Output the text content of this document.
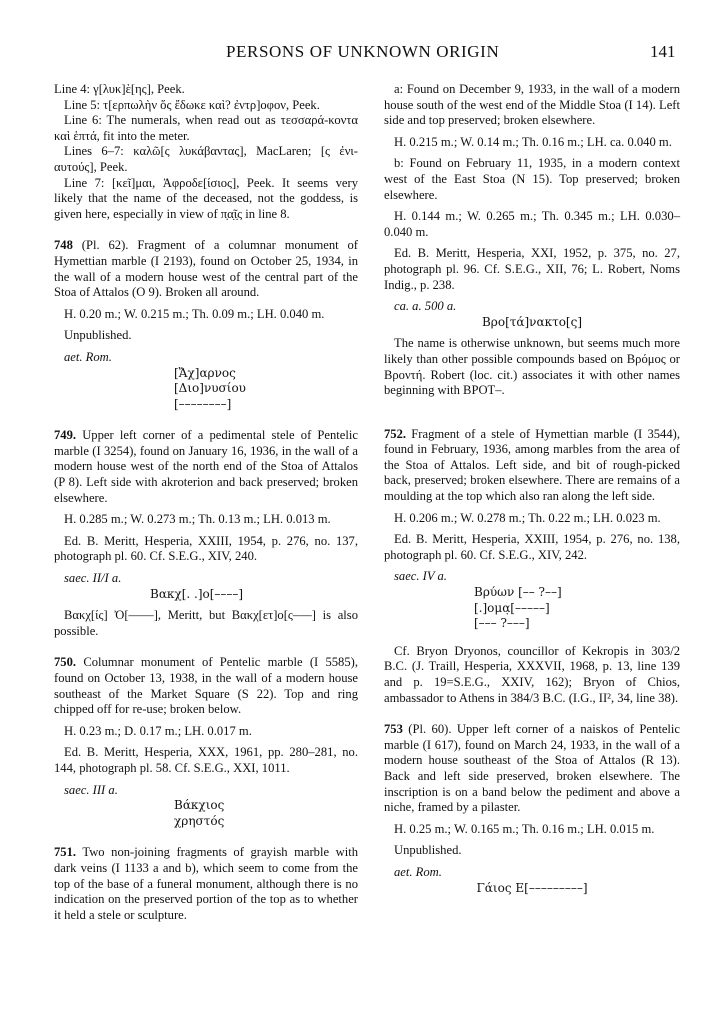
PERSONS OF UNKNOWN ORIGIN	141

Line 4: γ[λυκ]ὲ[ης], Peek.

Line 5: τ[ερπωλὴν ὅς ἔδωκε καὶ? ἐντρ]οφον, Peek.

Line 6: The numerals, when read out as τεσσαρά-κοντα καὶ ἑπτά, fit into the meter.

Lines 6–7: καλῶ[ς λυκάβαντας], MacLaren; [ς ἐνι-αυτούς], Peek.

Line 7: [κεῖ]μαι, Ἀφροδε[ίσιος], Peek. It seems very likely that the name of the deceased, not the goddess, is given here, especially in view of π̣α̣ῖ̣ς in line 8.

748 (Pl. 62). Fragment of a columnar monument of Hymettian marble (I 2193), found on October 25, 1934, in the wall of a modern house west of the central part of the Stoa of Attalos (O 9). Broken all around.

H. 0.20 m.; W. 0.215 m.; Th. 0.09 m.; LH. 0.040 m.

Unpublished.

aet. Rom.

[Ἄχ]αρνος

[Διο]νυσίου

[––––––––]

749. Upper left corner of a pedimental stele of Pentelic marble (I 3254), found on January 16, 1936, in the wall of a modern house west of the north end of the Stoa of Attalos (P 8). Left side with akroterion and back preserved; broken elsewhere.

H. 0.285 m.; W. 0.273 m.; Th. 0.13 m.; LH. 0.013 m.

Ed. B. Meritt, Hesperia, XXIII, 1954, p. 276, no. 137, photograph pl. 60. Cf. S.E.G., XIV, 240.

saec. II/I a.

Βακχ[. .]ο[––––]

Βακχ[ίς] Ὀ[––––], Meritt, but Βακχ[ετ]ο[ς–––] is also possible.

750. Columnar monument of Pentelic marble (I 5585), found on October 13, 1938, in the wall of a modern house southeast of the Market Square (S 22). Top and ring chipped off for re-use; broken below.

H. 0.23 m.; D. 0.17 m.; LH. 0.017 m.

Ed. B. Meritt, Hesperia, XXX, 1961, pp. 280–281, no. 144, photograph pl. 58. Cf. S.E.G., XXI, 1011.

saec. III a.

Βάκχιος

χρηστός

751. Two non-joining fragments of grayish marble with dark veins (I 1133 a and b), which seem to come from the top of the base of a funeral monument, although there is no indication on the preserved portion of the top as to whether it held a stele or sculpture.

a: Found on December 9, 1933, in the wall of a modern house south of the west end of the Middle Stoa (I 14). Left side and top preserved; broken elsewhere.

H. 0.215 m.; W. 0.14 m.; Th. 0.16 m.; LH. ca. 0.040 m.

b: Found on February 11, 1935, in a modern context west of the East Stoa (N 15). Top preserved; broken elsewhere.

H. 0.144 m.; W. 0.265 m.; Th. 0.345 m.; LH. 0.030–0.040 m.

Ed. B. Meritt, Hesperia, XXI, 1952, p. 375, no. 27, photograph pl. 96. Cf. S.E.G., XII, 76; L. Robert, Noms Indig., p. 238.

ca. a. 500 a.

Βρο[τά]νακτο[ς]

The name is otherwise unknown, but seems much more likely than other possible compounds based on Βρόμος or Βροντή. Robert (loc. cit.) associates it with other names beginning with ΒΡΟΤ–.

752. Fragment of a stele of Hymettian marble (I 3544), found in February, 1936, among marbles from the area of the Stoa of Attalos. Left side, and bit of rough-picked back, preserved; broken elsewhere. There are remains of a moulding at the top which also ran along the left side.

H. 0.206 m.; W. 0.278 m.; Th. 0.22 m.; LH. 0.023 m.

Ed. B. Meritt, Hesperia, XXIII, 1954, p. 276, no. 138, photograph pl. 60. Cf. S.E.G., XIV, 242.

saec. IV a.

Βρύων [–– ?––]

[.]ομα̣[–––––]

[––– ?–––]

Cf. Bryon Dryonos, councillor of Kekropis in 303/2 B.C. (J. Traill, Hesperia, XXXVII, 1968, p. 13, line 139 and p. 19=S.E.G., XXIV, 162); Bryon of Chios, ambassador to Athens in 384/3 B.C. (I.G., II², 34, line 38).

753 (Pl. 60). Upper left corner of a naiskos of Pentelic marble (I 617), found on March 24, 1933, in the wall of a modern house southeast of the Stoa of Attalos (R 13). Back and left side preserved, broken elsewhere. The inscription is on a band below the pediment and above a niche, framed by a pilaster.

H. 0.25 m.; W. 0.165 m.; Th. 0.16 m.; LH. 0.015 m.

Unpublished.

aet. Rom.

Γάιος Ε[–––––––––]
